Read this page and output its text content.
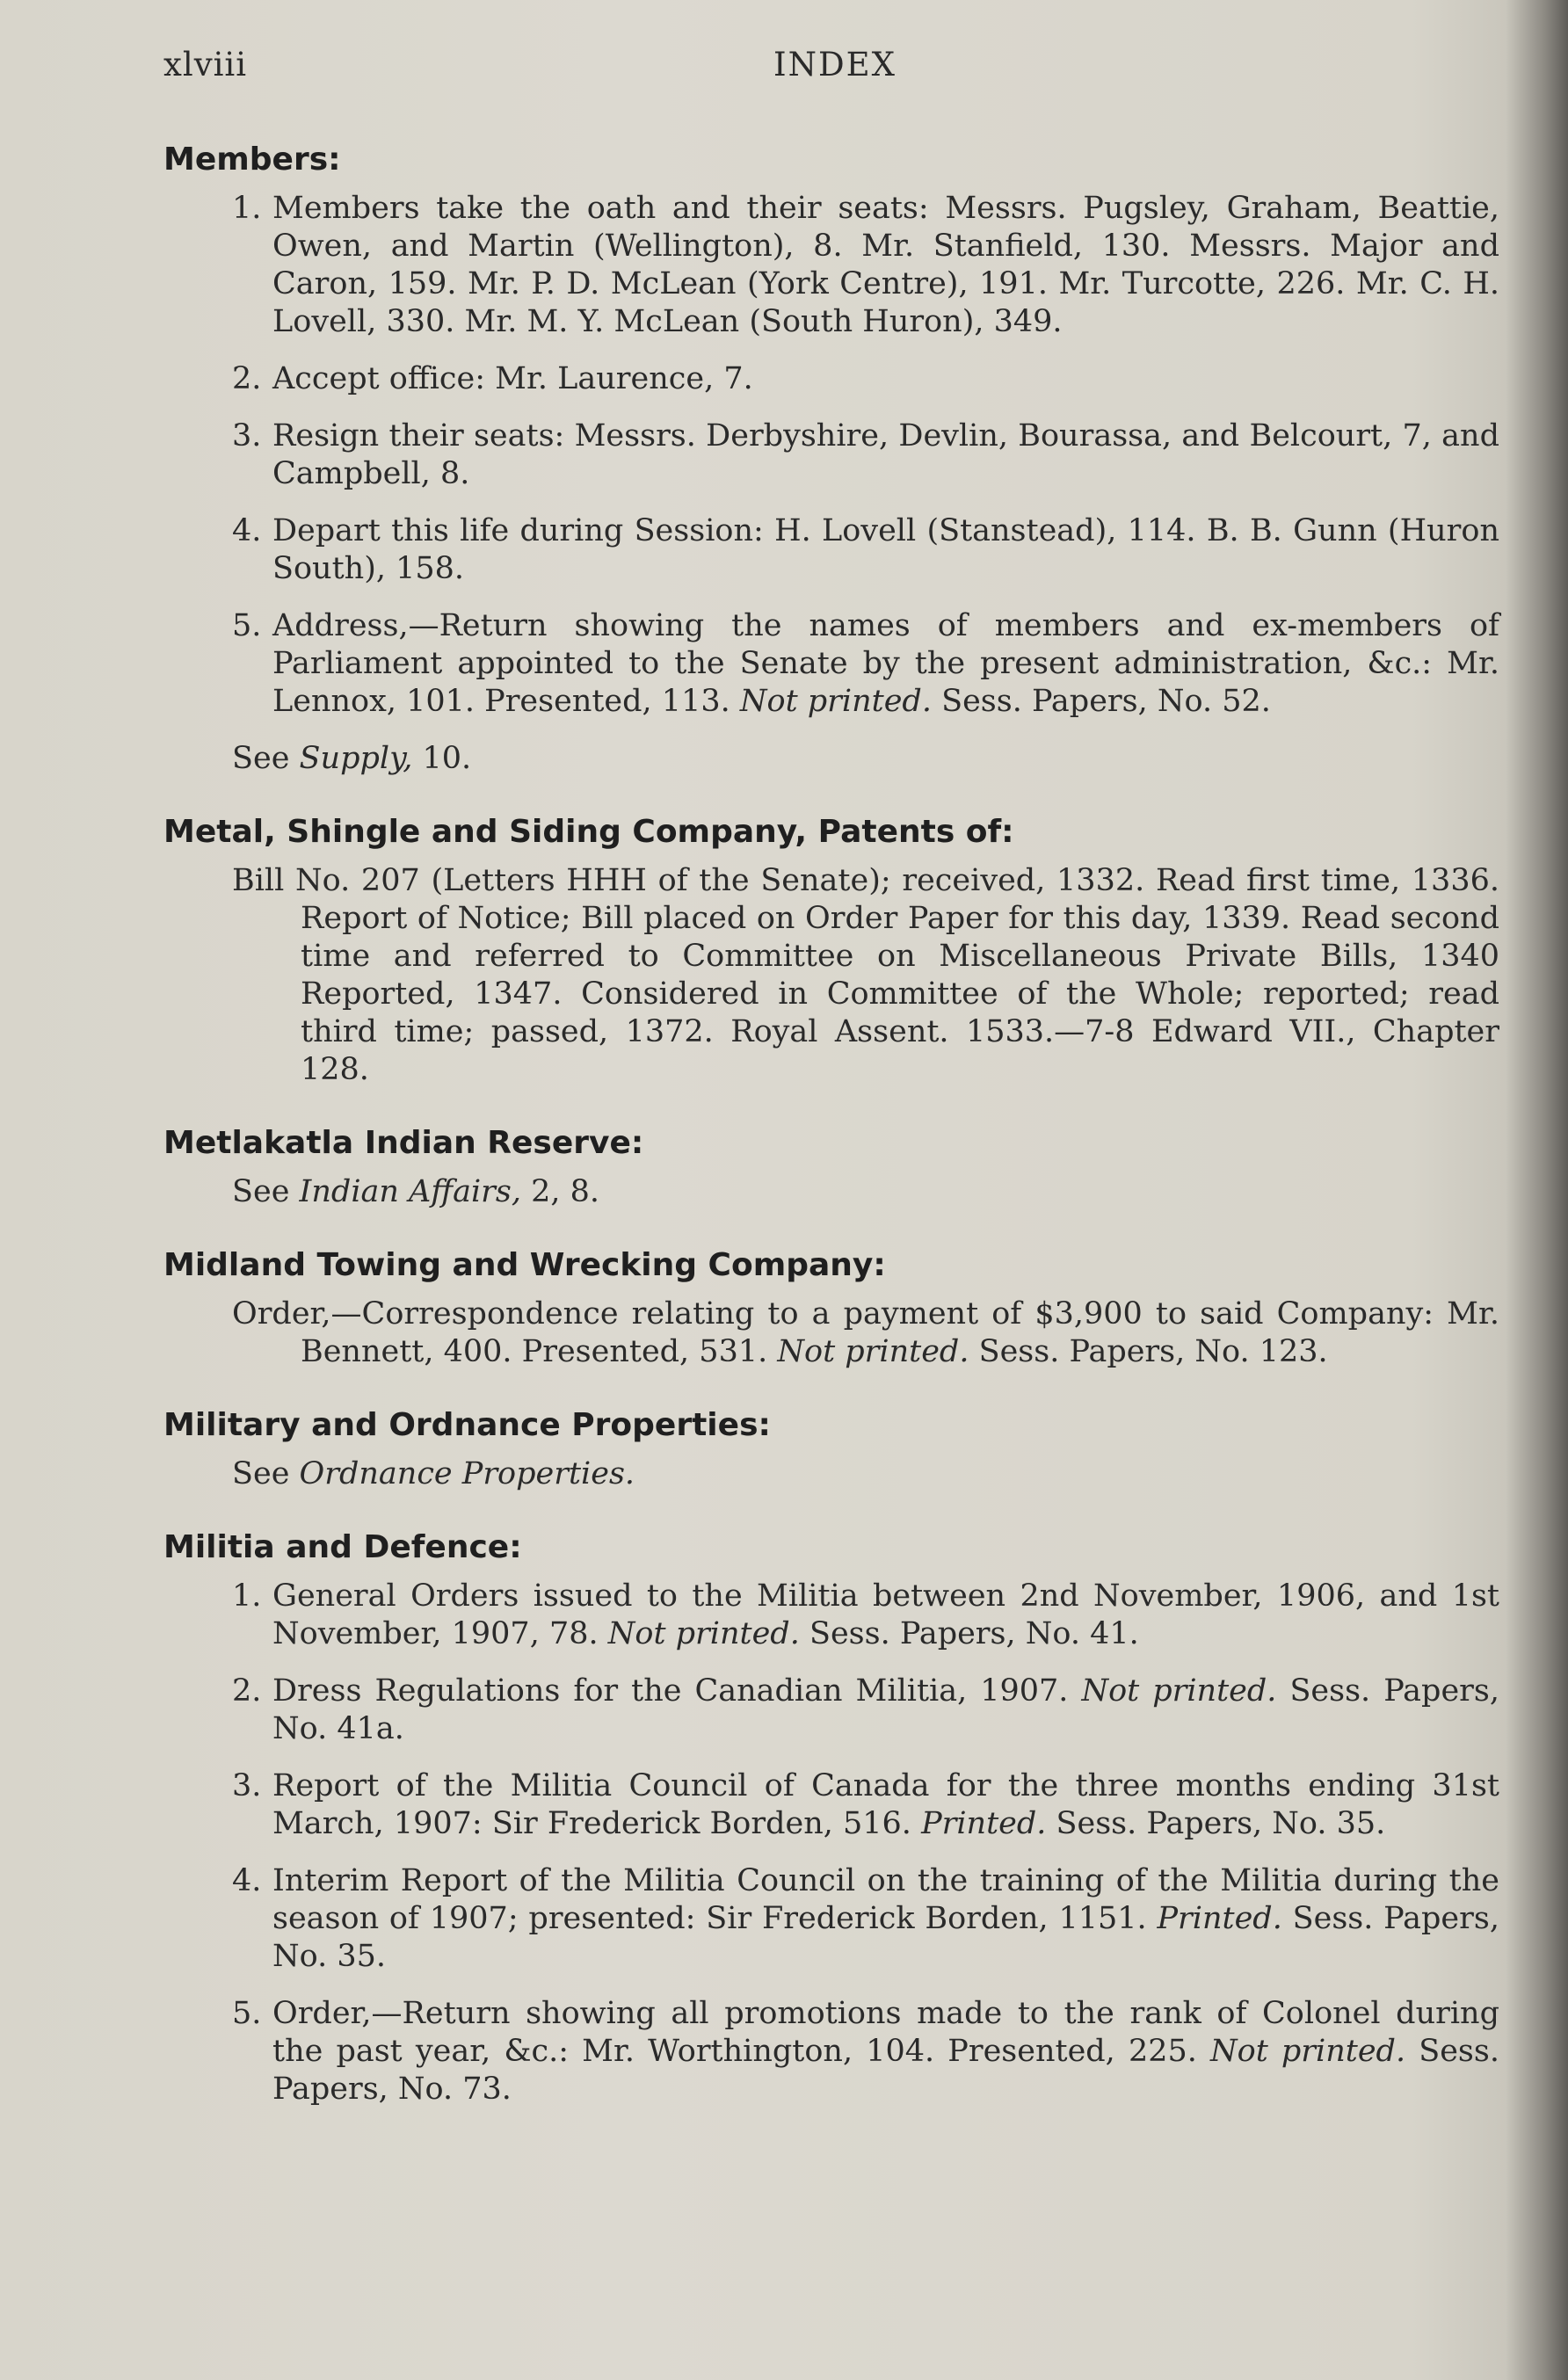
xlviii	INDEX
Members:
1. Members take the oath and their seats: Messrs. Pugsley, Graham, Beattie, Owen, and Martin (Wellington), 8. Mr. Stanfield, 130. Messrs. Major and Caron, 159. Mr. P. D. McLean (York Centre), 191. Mr. Turcotte, 226. Mr. C. H. Lovell, 330. Mr. M. Y. McLean (South Huron), 349.
2. Accept office: Mr. Laurence, 7.
3. Resign their seats: Messrs. Derbyshire, Devlin, Bourassa, and Belcourt, 7, and Campbell, 8.
4. Depart this life during Session: H. Lovell (Stanstead), 114. B. B. Gunn (Huron South), 158.
5. Address,—Return showing the names of members and ex-members of Parliament appointed to the Senate by the present administration, &c.: Mr. Lennox, 101. Presented, 113. Not printed. Sess. Papers, No. 52.
See Supply, 10.
Metal, Shingle and Siding Company, Patents of:
Bill No. 207 (Letters HHH of the Senate); received, 1332. Read first time, 1336. Report of Notice; Bill placed on Order Paper for this day, 1339. Read second time and referred to Committee on Miscellaneous Private Bills, 1340 Reported, 1347. Considered in Committee of the Whole; reported; read third time; passed, 1372. Royal Assent. 1533.—7-8 Edward VII., Chapter 128.
Metlakatla Indian Reserve:
See Indian Affairs, 2, 8.
Midland Towing and Wrecking Company:
Order,—Correspondence relating to a payment of $3,900 to said Company: Mr. Bennett, 400. Presented, 531. Not printed. Sess. Papers, No. 123.
Military and Ordnance Properties:
See Ordnance Properties.
Militia and Defence:
1. General Orders issued to the Militia between 2nd November, 1906, and 1st November, 1907, 78. Not printed. Sess. Papers, No. 41.
2. Dress Regulations for the Canadian Militia, 1907. Not printed. Sess. Papers, No. 41a.
3. Report of the Militia Council of Canada for the three months ending 31st March, 1907: Sir Frederick Borden, 516. Printed. Sess. Papers, No. 35.
4. Interim Report of the Militia Council on the training of the Militia during the season of 1907; presented: Sir Frederick Borden, 1151. Printed. Sess. Papers, No. 35.
5. Order,—Return showing all promotions made to the rank of Colonel during the past year, &c.: Mr. Worthington, 104. Presented, 225. Not printed. Sess. Papers, No. 73.
